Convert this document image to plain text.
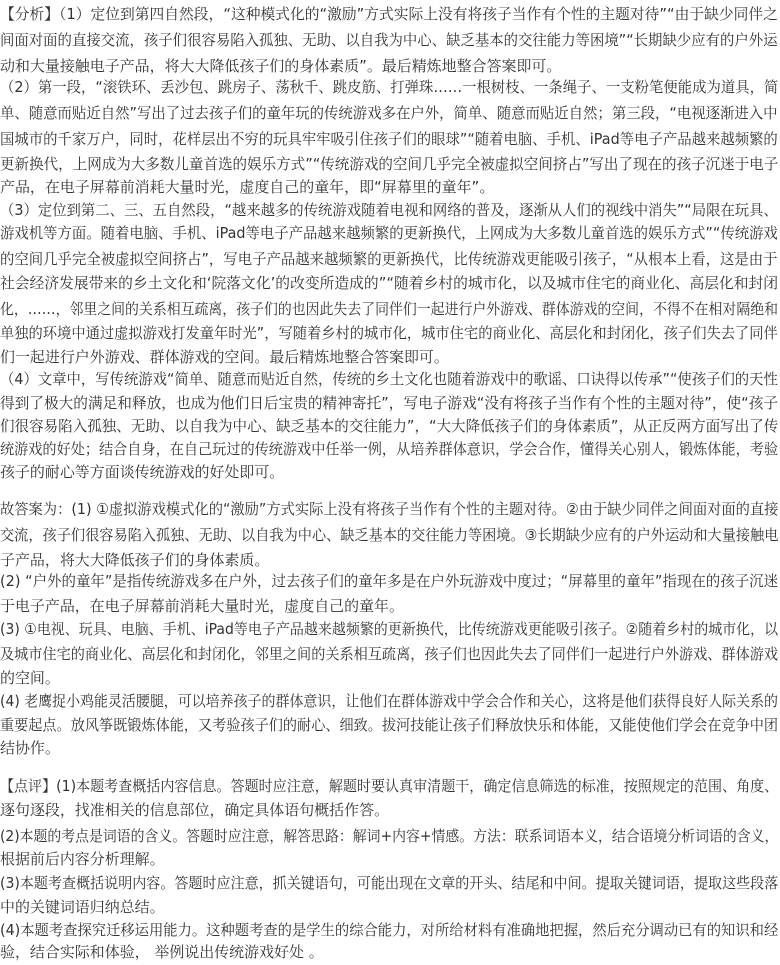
【分析】（1）定位到第四自然段，“这种模式化的“激励”方式实际上没有将孩子当作有个性的主题对待”“由于缺少同伴之
间面对面的直接交流，孩子们很容易陷入孤独、无助、以自我为中心、缺乏基本的交往能力等困境”“长期缺少应有的户外运
动和大量接触电子产品，将大大降低孩子们的身体素质”。最后精炼地整合答案即可。
（2）第一段，“滚铁环、丢沙包、跳房子、荡秋千、跳皮筋、打弹珠……一根树枝、一条绳子、一支粉笔便能成为道具，简
单、随意而贴近自然”写出了过去孩子们的童年玩的传统游戏多在户外，简单、随意而贴近自然；第三段，“电视逐渐进入中
国城市的千家万户，同时，花样层出不穷的玩具牢牢吸引住孩子们的眼球”“随着电脑、手机、iPad等电子产品越来越频繁的
更新换代，上网成为大多数儿童首选的娱乐方式”“传统游戏的空间几乎完全被虚拟空间挤占”写出了现在的孩子沉迷于电子
产品，在电子屏幕前消耗大量时光，虚度自己的童年，即“屏幕里的童年”。
（3）定位到第二、三、五自然段，“越来越多的传统游戏随着电视和网络的普及，逐渐从人们的视线中消失”“局限在玩具、
游戏机等方面。随着电脑、手机、iPad等电子产品越来越频繁的更新换代，上网成为大多数儿童首选的娱乐方式”“传统游戏
的空间几乎完全被虚拟空间挤占”，写电子产品越来越频繁的更新换代，比传统游戏更能吸引孩子，“从根本上看，这是由于
社会经济发展带来的乡土文化和‘院落文化’的改变所造成的”“随着乡村的城市化，以及城市住宅的商业化、高层化和封闭
化，……，邻里之间的关系相互疏离，孩子们的也因此失去了同伴们一起进行户外游戏、群体游戏的空间，不得不在相对隔绝和
单独的环境中通过虚拟游戏打发童年时光”，写随着乡村的城市化，城市住宅的商业化、高层化和封闭化，孩子们失去了同伴
们一起进行户外游戏、群体游戏的空间。最后精炼地整合答案即可。
（4）文章中，写传统游戏“简单、随意而贴近自然，传统的乡土文化也随着游戏中的歌谣、口诀得以传承”“使孩子们的天性
得到了极大的满足和释放，也成为他们日后宝贵的精神寄托”，写电子游戏“没有将孩子当作有个性的主题对待”，使“孩子
们很容易陷入孤独、无助、以自我为中心、缺乏基本的交往能力”，“大大降低孩子们的身体素质”，从正反两方面写出了传
统游戏的好处；结合自身，在自己玩过的传统游戏中任举一例，从培养群体意识，学会合作，懂得关心别人，锻炼体能，考验
孩子的耐心等方面谈传统游戏的好处即可。
故答案为：(1) ①虚拟游戏模式化的“激励”方式实际上没有将孩子当作有个性的主题对待。②由于缺少同伴之间面对面的直接
交流，孩子们很容易陷入孤独、无助、以自我为中心、缺乏基本的交往能力等困境。③长期缺少应有的户外运动和大量接触电
子产品，将大大降低孩子们的身体素质。
(2) “户外的童年”是指传统游戏多在户外，过去孩子们的童年多是在户外玩游戏中度过；“屏幕里的童年”指现在的孩子沉迷
于电子产品，在电子屏幕前消耗大量时光，虚度自己的童年。
(3) ①电视、玩具、电脑、手机、iPad等电子产品越来越频繁的更新换代，比传统游戏更能吸引孩子。②随着乡村的城市化，以
及城市住宅的商业化、高层化和封闭化，邻里之间的关系相互疏离，孩子们也因此失去了同伴们一起进行户外游戏、群体游戏
的空间。
(4) 老鹰捉小鸡能灵活腰腿，可以培养孩子的群体意识，让他们在群体游戏中学会合作和关心，这将是他们获得良好人际关系的
重要起点。放风筝既锻炼体能，又考验孩子们的耐心、细致。拔河技能让孩子们释放快乐和体能，又能使他们学会在竞争中团
结协作。
【点评】(1)本题考查概括内容信息。答题时应注意，解题时要认真审清题干，确定信息筛选的标准，按照规定的范围、角度、
逐句逐段，找准相关的信息部位，确定具体语句概括作答。
(2)本题的考点是词语的含义。答题时应注意，解答思路：解词+内容+情感。方法：联系词语本义，结合语境分析词语的含义，
根据前后内容分析理解。
(3)本题考查概括说明内容。答题时应注意，抓关键语句，可能出现在文章的开头、结尾和中间。提取关键词语，提取这些段落
中的关键词语归纳总结。
(4)本题考查探究迁移运用能力。这种题考查的是学生的综合能力，对所给材料有准确地把握，然后充分调动已有的知识和经
验，结合实际和体验， 举例说出传统游戏好处 。
